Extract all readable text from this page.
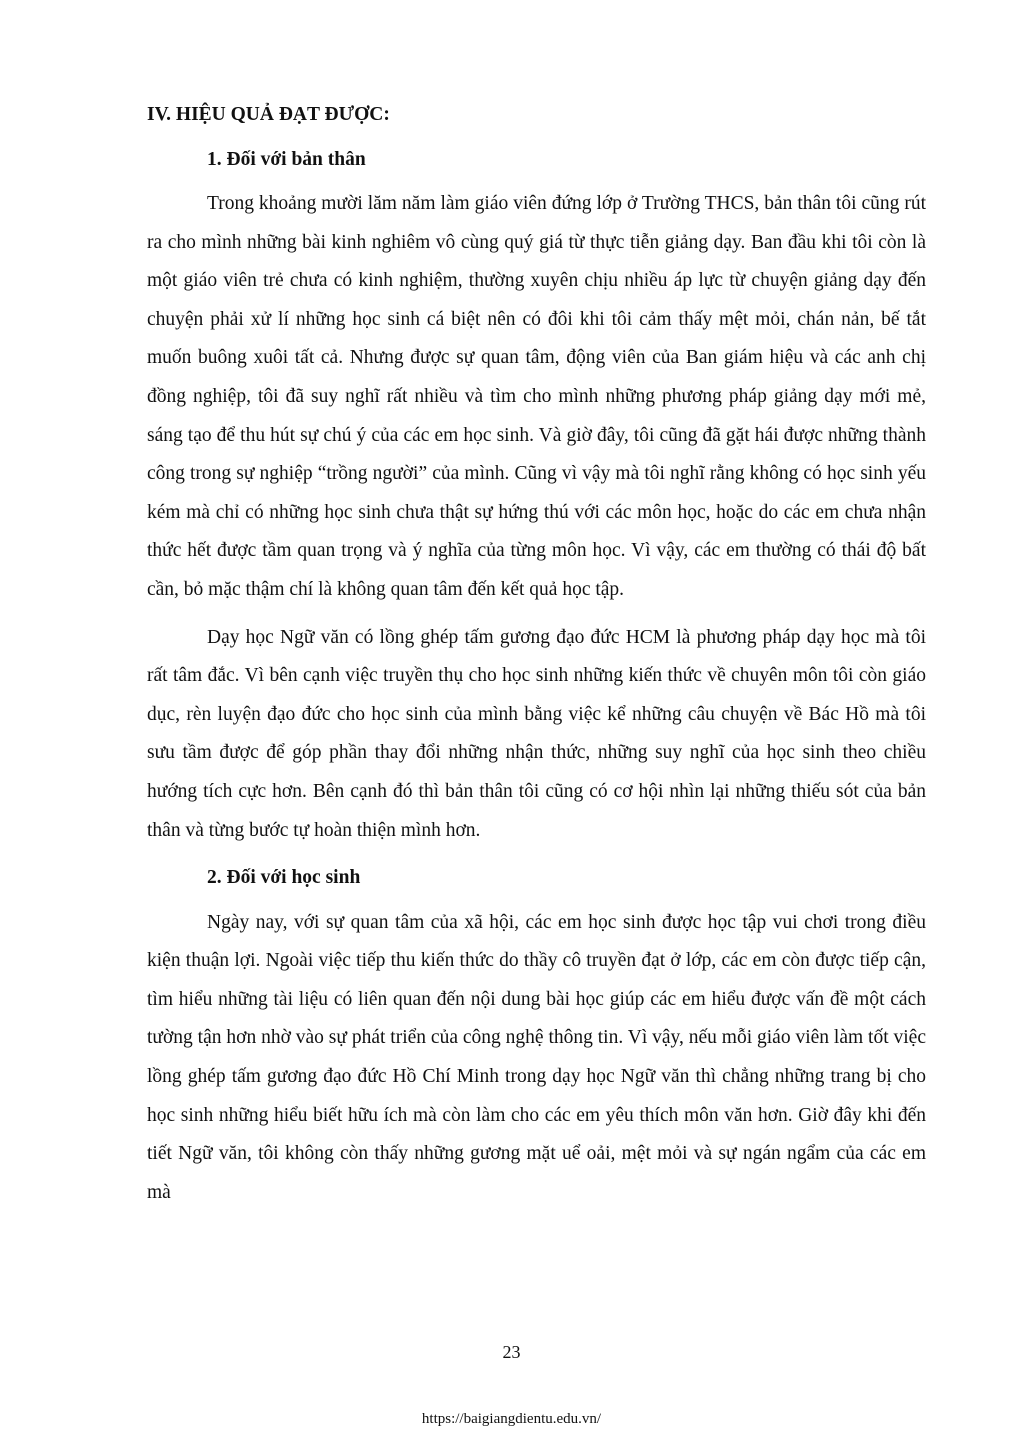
IV. HIỆU QUẢ ĐẠT ĐƯỢC:
1. Đối với bản thân

Trong khoảng mười lăm năm làm giáo viên đứng lớp ở Trường THCS, bản thân tôi cũng rút ra cho mình những bài kinh nghiêm vô cùng quý giá từ thực tiễn giảng dạy. Ban đầu khi tôi còn là một giáo viên trẻ chưa có kinh nghiệm, thường xuyên chịu nhiều áp lực từ chuyện giảng dạy đến chuyện phải xử lí những học sinh cá biệt nên có đôi khi tôi cảm thấy mệt mỏi, chán nản, bế tắt muốn buông xuôi tất cả. Nhưng được sự quan tâm, động viên của Ban giám hiệu và các anh chị đồng nghiệp, tôi đã suy nghĩ rất nhiều và tìm cho mình những phương pháp giảng dạy mới mẻ, sáng tạo để thu hút sự chú ý của các em học sinh. Và giờ đây, tôi cũng đã gặt hái được những thành công trong sự nghiệp “trồng người” của mình. Cũng vì vậy mà tôi nghĩ rằng không có học sinh yếu kém mà chỉ có những học sinh chưa thật sự hứng thú với các môn học, hoặc do các em chưa nhận thức hết được tầm quan trọng và ý nghĩa của từng môn học. Vì vậy, các em thường có thái độ bất cần, bỏ mặc thậm chí là không quan tâm đến kết quả học tập.

Dạy học Ngữ văn có lồng ghép tấm gương đạo đức HCM là phương pháp dạy học mà tôi rất tâm đắc. Vì bên cạnh việc truyền thụ cho học sinh những kiến thức về chuyên môn tôi còn giáo dục, rèn luyện đạo đức cho học sinh của mình bằng việc kể những câu chuyện về Bác Hồ mà tôi sưu tầm được để góp phần thay đổi những nhận thức, những suy nghĩ của học sinh theo chiều hướng tích cực hơn. Bên cạnh đó thì bản thân tôi cũng có cơ hội nhìn lại những thiếu sót của bản thân và từng bước tự hoàn thiện mình hơn.

2. Đối với học sinh

Ngày nay, với sự quan tâm của xã hội, các em học sinh được học tập vui chơi trong điều kiện thuận lợi. Ngoài việc tiếp thu kiến thức do thầy cô truyền đạt ở lớp, các em còn được tiếp cận, tìm hiểu những tài liệu có liên quan đến nội dung bài học giúp các em hiểu được vấn đề một cách tường tận hơn nhờ vào sự phát triển của công nghệ thông tin. Vì vậy, nếu mỗi giáo viên làm tốt việc lồng ghép tấm gương đạo đức Hồ Chí Minh trong dạy học Ngữ văn thì chẳng những trang bị cho học sinh những hiểu biết hữu ích mà còn làm cho các em yêu thích môn văn hơn. Giờ đây khi đến tiết Ngữ văn, tôi không còn thấy những gương mặt uể oải, mệt mỏi và sự ngán ngẩm của các em mà

23
https://baigiangdientu.edu.vn/
